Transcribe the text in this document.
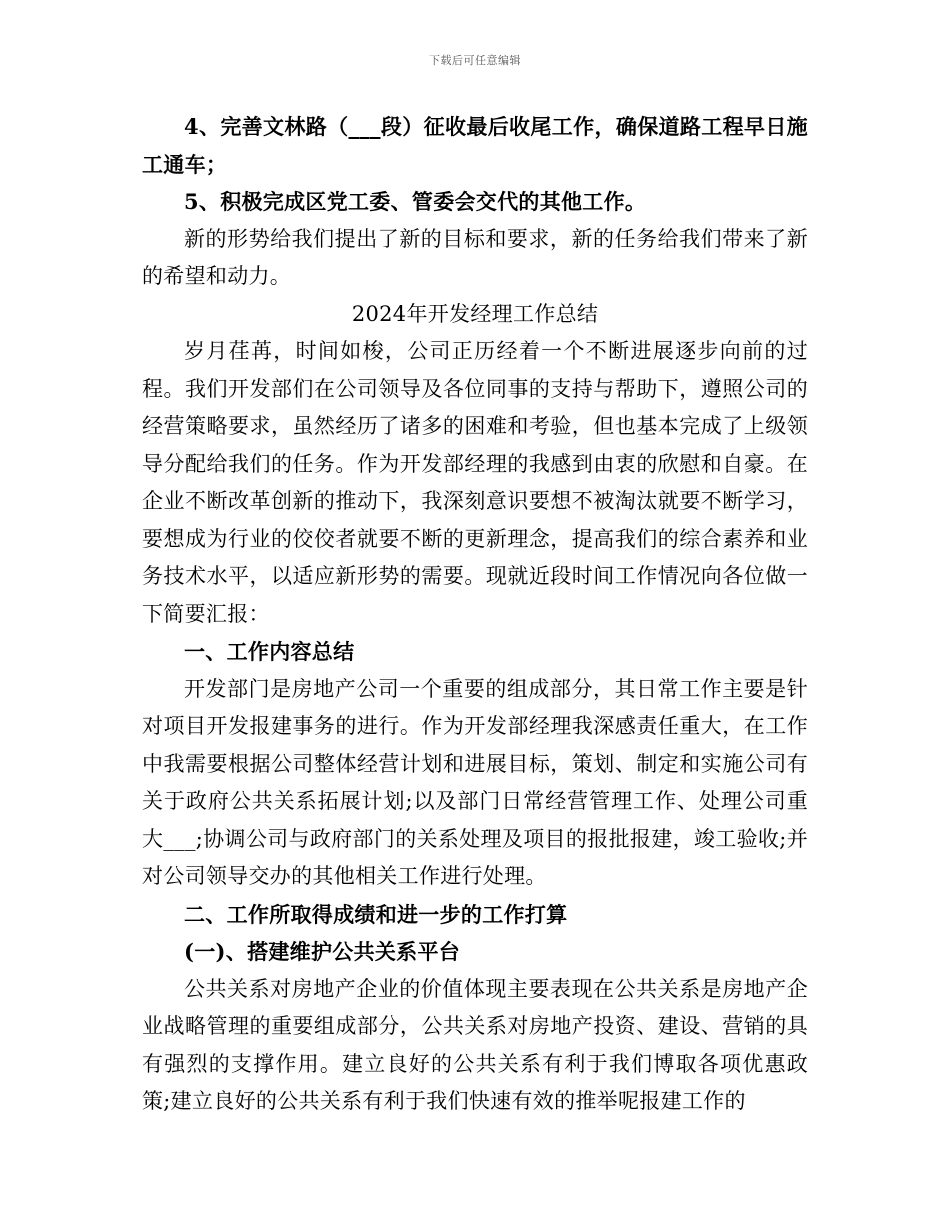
下载后可任意编辑

4、完善文林路（___段）征收最后收尾工作，确保道路工程早日施工通车；

5、积极完成区党工委、管委会交代的其他工作。

新的形势给我们提出了新的目标和要求，新的任务给我们带来了新的希望和动力。

2024年开发经理工作总结

岁月荏苒，时间如梭，公司正历经着一个不断进展逐步向前的过程。我们开发部们在公司领导及各位同事的支持与帮助下，遵照公司的经营策略要求，虽然经历了诸多的困难和考验，但也基本完成了上级领导分配给我们的任务。作为开发部经理的我感到由衷的欣慰和自豪。在企业不断改革创新的推动下，我深刻意识要想不被淘汰就要不断学习，要想成为行业的佼佼者就要不断的更新理念，提高我们的综合素养和业务技术水平，以适应新形势的需要。现就近段时间工作情况向各位做一下简要汇报：

一、工作内容总结

开发部门是房地产公司一个重要的组成部分，其日常工作主要是针对项目开发报建事务的进行。作为开发部经理我深感责任重大，在工作中我需要根据公司整体经营计划和进展目标，策划、制定和实施公司有关于政府公共关系拓展计划;以及部门日常经营管理工作、处理公司重大___;协调公司与政府部门的关系处理及项目的报批报建，竣工验收;并对公司领导交办的其他相关工作进行处理。

二、工作所取得成绩和进一步的工作打算

(一)、搭建维护公共关系平台

公共关系对房地产企业的价值体现主要表现在公共关系是房地产企业战略管理的重要组成部分，公共关系对房地产投资、建设、营销的具有强烈的支撑作用。建立良好的公共关系有利于我们博取各项优惠政策;建立良好的公共关系有利于我们快速有效的推举呢报建工作的
